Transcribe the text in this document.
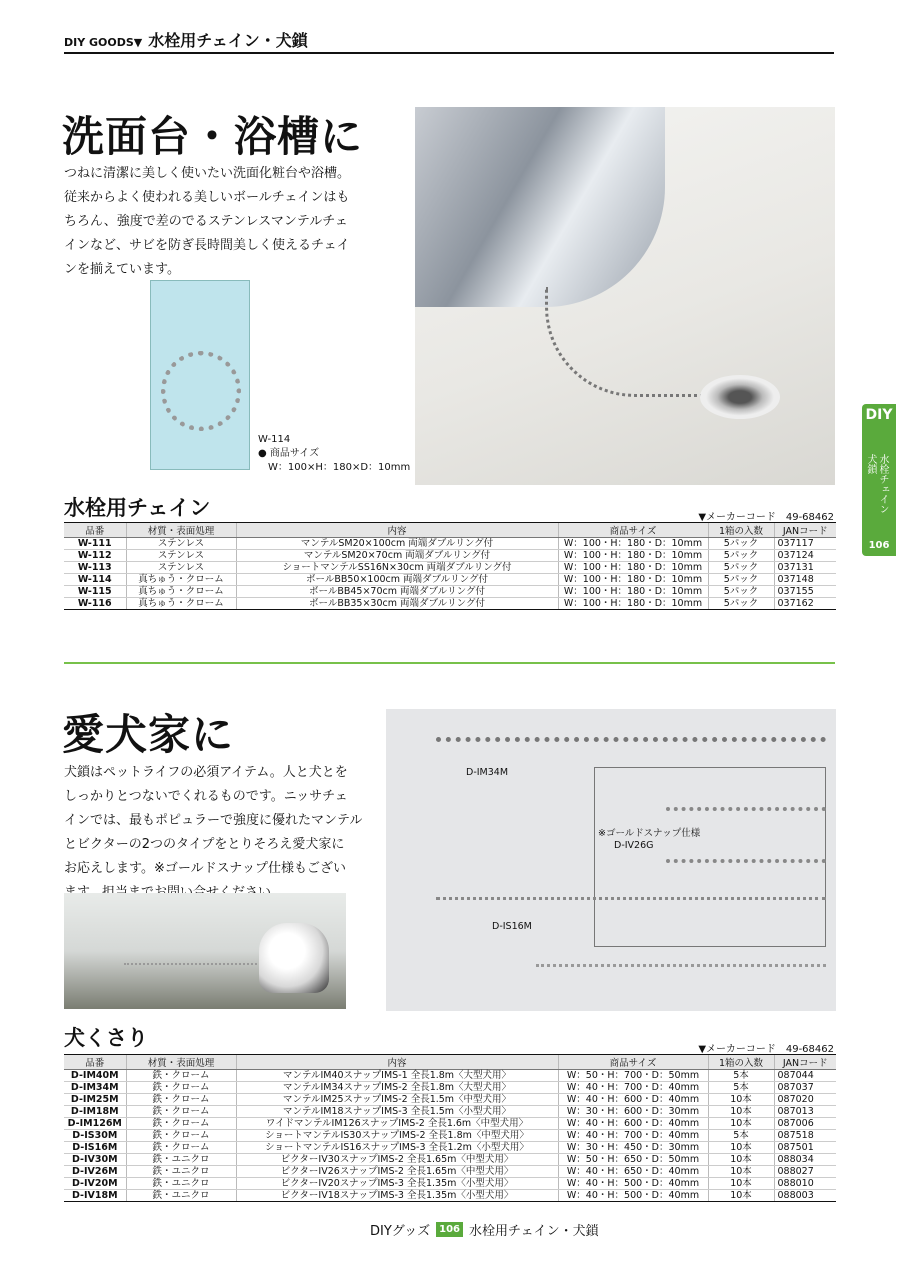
DIY GOODS▼ 水栓用チェイン・犬鎖
洗面台・浴槽に
つねに清潔に美しく使いたい洗面化粧台や浴槽。
従来からよく使われる美しいボールチェインはも
ちろん、強度で差のでるステンレスマンテルチェ
インなど、サビを防ぎ長時間美しく使えるチェイ
ンを揃えています。
W-114
● 商品サイズ
W：100×H：180×D：10mm
水栓用チェイン	▼メーカーコード　49-68462
品番	材質・表面処理	内容	商品サイズ	1箱の入数	JANコード
W-111	ステンレス	マンテルSM20×100cm 両端ダブルリング付	W：100・H：180・D：10mm	5パック	037117
W-112	ステンレス	マンテルSM20×70cm 両端ダブルリング付	W：100・H：180・D：10mm	5パック	037124
W-113	ステンレス	ショートマンテルSS16N×30cm 両端ダブルリング付	W：100・H：180・D：10mm	5パック	037131
W-114	真ちゅう・クローム	ボールBB50×100cm 両端ダブルリング付	W：100・H：180・D：10mm	5パック	037148
W-115	真ちゅう・クローム	ボールBB45×70cm 両端ダブルリング付	W：100・H：180・D：10mm	5パック	037155
W-116	真ちゅう・クローム	ボールBB35×30cm 両端ダブルリング付	W：100・H：180・D：10mm	5パック	037162
愛犬家に
犬鎖はペットライフの必須アイテム。人と犬とを
しっかりとつないでくれるものです。ニッサチェ
インでは、最もポピュラーで強度に優れたマンテル
とビクターの2つのタイプをとりそろえ愛犬家に
お応えします。※ゴールドスナップ仕様もござい
D-IM34M
※ゴールドスナップ仕様
D-IV26G
D-IS16M
犬くさり	▼メーカーコード　49-68462
品番	材質・表面処理	内容	商品サイズ	1箱の入数	JANコード
D-IM40M	鉄・クローム	マンテルIM40スナップIMS-1 全長1.8m〈大型犬用〉	W：50・H：700・D：50mm	5本	087044
D-IM34M	鉄・クローム	マンテルIM34スナップIMS-2 全長1.8m〈大型犬用〉	W：40・H：700・D：40mm	5本	087037
D-IM25M	鉄・クローム	マンテルIM25スナップIMS-2 全長1.5m〈中型犬用〉	W：40・H：600・D：40mm	10本	087020
D-IM18M	鉄・クローム	マンテルIM18スナップIMS-3 全長1.5m〈小型犬用〉	W：30・H：600・D：30mm	10本	087013
D-IM126M	鉄・クローム	ワイドマンテルIM126スナップIMS-2 全長1.6m〈中型犬用〉	W：40・H：600・D：40mm	10本	087006
D-IS30M	鉄・クローム	ショートマンテルIS30スナップIMS-2 全長1.8m〈中型犬用〉	W：40・H：700・D：40mm	5本	087518
D-IS16M	鉄・クローム	ショートマンテルIS16スナップIMS-3 全長1.2m〈小型犬用〉	W：30・H：450・D：30mm	10本	087501
D-IV30M	鉄・ユニクロ	ビクターIV30スナップIMS-2 全長1.65m〈中型犬用〉	W：50・H：650・D：50mm	10本	088034
D-IV26M	鉄・ユニクロ	ビクターIV26スナップIMS-2 全長1.65m〈中型犬用〉	W：40・H：650・D：40mm	10本	088027
D-IV20M	鉄・ユニクロ	ビクターIV20スナップIMS-3 全長1.35m〈小型犬用〉	W：40・H：500・D：40mm	10本	088010
D-IV18M	鉄・ユニクロ	ビクターIV18スナップIMS-3 全長1.35m〈小型犬用〉	W：40・H：500・D：40mm	10本	088003
DIY
水栓チェイン
犬鎖
106
DIYグッズ 106 水栓用チェイン・犬鎖
